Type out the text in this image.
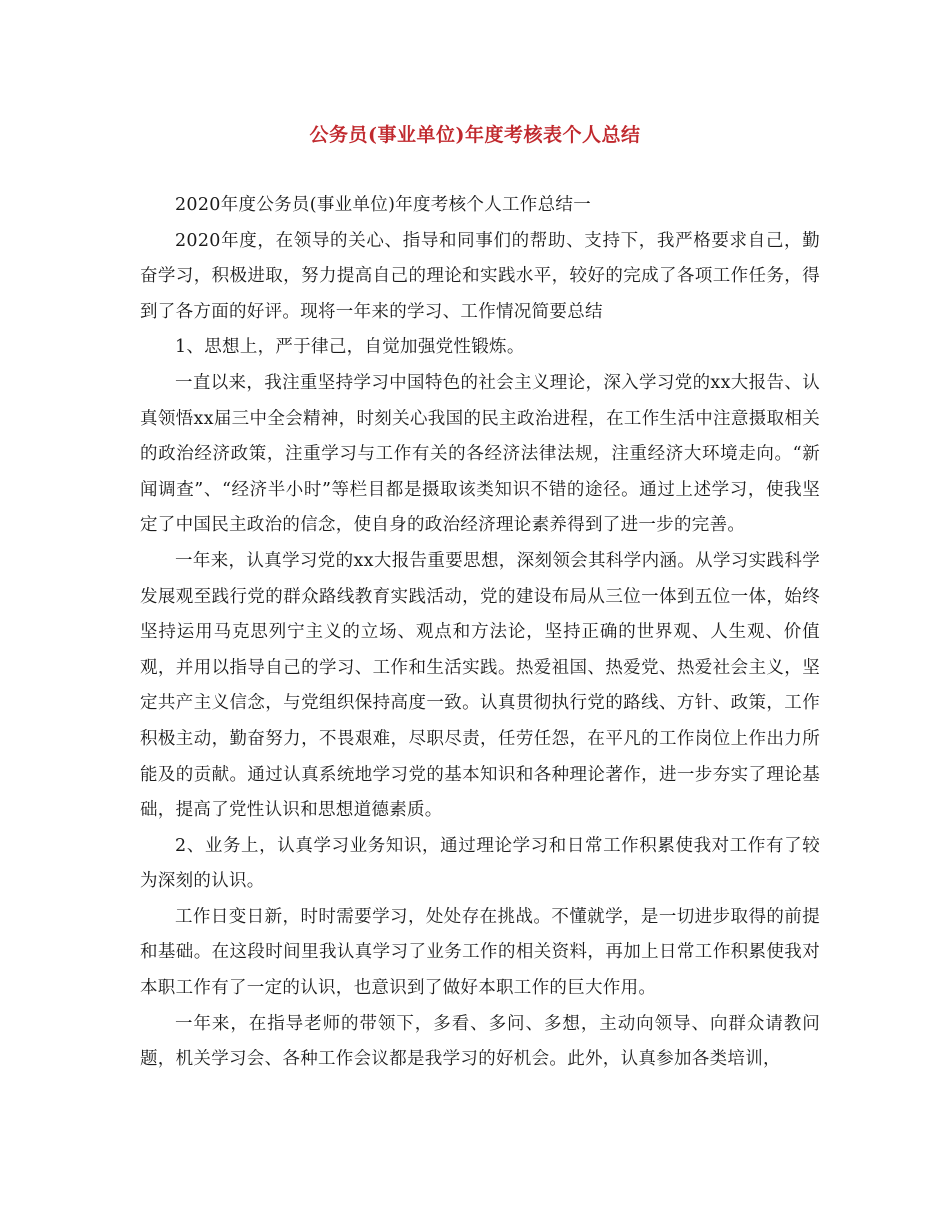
公务员(事业单位)年度考核表个人总结

2020年度公务员(事业单位)年度考核个人工作总结一

2020年度，在领导的关心、指导和同事们的帮助、支持下，我严格要求自己，勤奋学习，积极进取，努力提高自己的理论和实践水平，较好的完成了各项工作任务，得到了各方面的好评。现将一年来的学习、工作情况简要总结

1、思想上，严于律己，自觉加强党性锻炼。

一直以来，我注重坚持学习中国特色的社会主义理论，深入学习党的xx大报告、认真领悟xx届三中全会精神，时刻关心我国的民主政治进程，在工作生活中注意摄取相关的政治经济政策，注重学习与工作有关的各经济法律法规，注重经济大环境走向。“新闻调查”、“经济半小时”等栏目都是摄取该类知识不错的途径。通过上述学习，使我坚定了中国民主政治的信念，使自身的政治经济理论素养得到了进一步的完善。

一年来，认真学习党的xx大报告重要思想，深刻领会其科学内涵。从学习实践科学发展观至践行党的群众路线教育实践活动，党的建设布局从三位一体到五位一体，始终坚持运用马克思列宁主义的立场、观点和方法论，坚持正确的世界观、人生观、价值观，并用以指导自己的学习、工作和生活实践。热爱祖国、热爱党、热爱社会主义，坚定共产主义信念，与党组织保持高度一致。认真贯彻执行党的路线、方针、政策，工作积极主动，勤奋努力，不畏艰难，尽职尽责，任劳任怨，在平凡的工作岗位上作出力所能及的贡献。通过认真系统地学习党的基本知识和各种理论著作，进一步夯实了理论基础，提高了党性认识和思想道德素质。

2、业务上，认真学习业务知识，通过理论学习和日常工作积累使我对工作有了较为深刻的认识。

工作日变日新，时时需要学习，处处存在挑战。不懂就学，是一切进步取得的前提和基础。在这段时间里我认真学习了业务工作的相关资料，再加上日常工作积累使我对本职工作有了一定的认识，也意识到了做好本职工作的巨大作用。

一年来，在指导老师的带领下，多看、多问、多想，主动向领导、向群众请教问题，机关学习会、各种工作会议都是我学习的好机会。此外，认真参加各类培训，
